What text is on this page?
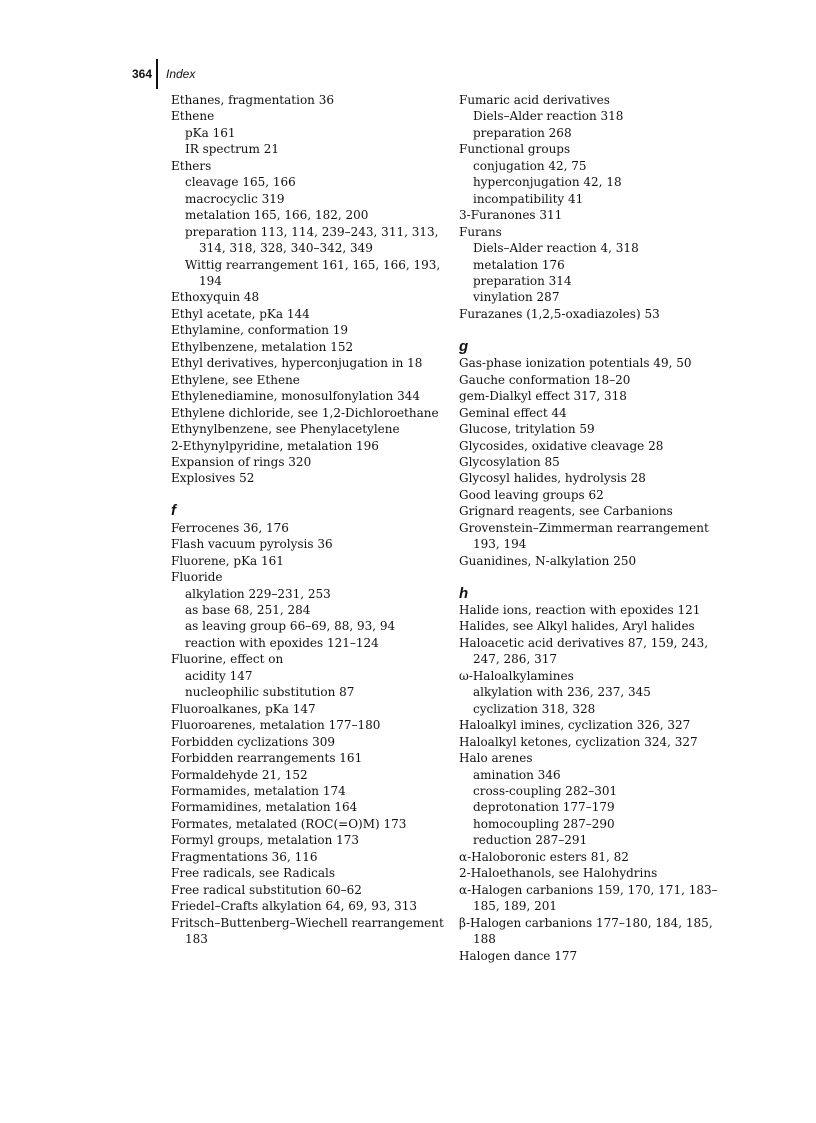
364	Index

Ethanes, fragmentation 36

Ethene

pKa 161

IR spectrum 21

Ethers

cleavage 165, 166

macrocyclic 319

metalation 165, 166, 182, 200

preparation 113, 114, 239–243, 311, 313, 314, 318, 328, 340–342, 349

Wittig rearrangement 161, 165, 166, 193, 194

Ethoxyquin 48

Ethyl acetate, pKa 144

Ethylamine, conformation 19

Ethylbenzene, metalation 152

Ethyl derivatives, hyperconjugation in 18

Ethylene, see Ethene

Ethylenediamine, monosulfonylation 344

Ethylene dichloride, see 1,2-Dichloroethane

Ethynylbenzene, see Phenylacetylene

2-Ethynylpyridine, metalation 196

Expansion of rings 320

Explosives 52

f

Ferrocenes 36, 176

Flash vacuum pyrolysis 36

Fluorene, pKa 161

Fluoride

alkylation 229–231, 253

as base 68, 251, 284

as leaving group 66–69, 88, 93, 94

reaction with epoxides 121–124

Fluorine, effect on

acidity 147

nucleophilic substitution 87

Fluoroalkanes, pKa 147

Fluoroarenes, metalation 177–180

Forbidden cyclizations 309

Forbidden rearrangements 161

Formaldehyde 21, 152

Formamides, metalation 174

Formamidines, metalation 164

Formates, metalated (ROC(=O)M) 173

Formyl groups, metalation 173

Fragmentations 36, 116

Free radicals, see Radicals

Free radical substitution 60–62

Friedel–Crafts alkylation 64, 69, 93, 313

Fritsch–Buttenberg–Wiechell rearrangement 183

Fumaric acid derivatives

Diels–Alder reaction 318

preparation 268

Functional groups

conjugation 42, 75

hyperconjugation 42, 18

incompatibility 41

3-Furanones 311

Furans

Diels–Alder reaction 4, 318

metalation 176

preparation 314

vinylation 287

Furazanes (1,2,5-oxadiazoles) 53

g

Gas-phase ionization potentials 49, 50

Gauche conformation 18–20

gem-Dialkyl effect 317, 318

Geminal effect 44

Glucose, tritylation 59

Glycosides, oxidative cleavage 28

Glycosylation 85

Glycosyl halides, hydrolysis 28

Good leaving groups 62

Grignard reagents, see Carbanions

Grovenstein–Zimmerman rearrangement 193, 194

Guanidines, N-alkylation 250

h

Halide ions, reaction with epoxides 121

Halides, see Alkyl halides, Aryl halides

Haloacetic acid derivatives 87, 159, 243, 247, 286, 317

ω-Haloalkylamines

alkylation with 236, 237, 345

cyclization 318, 328

Haloalkyl imines, cyclization 326, 327

Haloalkyl ketones, cyclization 324, 327

Halo arenes

amination 346

cross-coupling 282–301

deprotonation 177–179

homocoupling 287–290

reduction 287–291

α-Haloboronic esters 81, 82

2-Haloethanols, see Halohydrins

α-Halogen carbanions 159, 170, 171, 183–185, 189, 201

β-Halogen carbanions 177–180, 184, 185, 188

Halogen dance 177
